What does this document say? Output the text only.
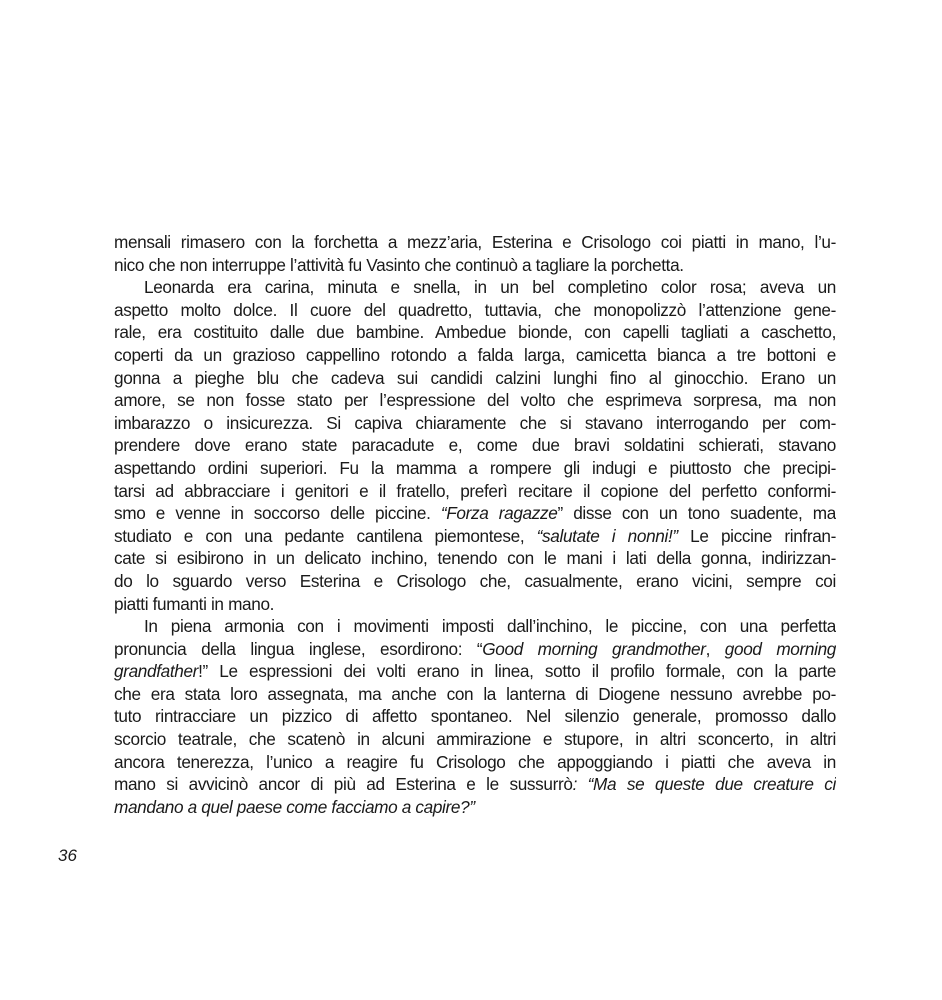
mensali rimasero con la forchetta a mezz’aria, Esterina e Crisologo coi piatti in mano, l’u-
nico che non interruppe l’attività fu Vasinto che continuò a tagliare la porchetta.
Leonarda era carina, minuta e snella, in un bel completino color rosa; aveva un
aspetto molto dolce. Il cuore del quadretto, tuttavia, che monopolizzò l’attenzione gene-
rale, era costituito dalle due bambine. Ambedue bionde, con capelli tagliati a caschetto,
coperti da un grazioso cappellino rotondo a falda larga, camicetta bianca a tre bottoni e
gonna a pieghe blu che cadeva sui candidi calzini lunghi fino al ginocchio. Erano un
amore, se non fosse stato per l’espressione del volto che esprimeva sorpresa, ma non
imbarazzo o insicurezza. Si capiva chiaramente che si stavano interrogando per com-
prendere dove erano state paracadute e, come due bravi soldatini schierati, stavano
aspettando ordini superiori. Fu la mamma a rompere gli indugi e piuttosto che precipi-
tarsi ad abbracciare i genitori e il fratello, preferì recitare il copione del perfetto conformi-
smo e venne in soccorso delle piccine. “Forza ragazze” disse con un tono suadente, ma
studiato e con una pedante cantilena piemontese, “salutate i nonni!” Le piccine rinfran-
cate si esibirono in un delicato inchino, tenendo con le mani i lati della gonna, indirizzan-
do lo sguardo verso Esterina e Crisologo che, casualmente, erano vicini, sempre coi
piatti fumanti in mano.
In piena armonia con i movimenti imposti dall’inchino, le piccine, con una perfetta
pronuncia della lingua inglese, esordirono: “Good morning grandmother, good morning
grandfather!” Le espressioni dei volti erano in linea, sotto il profilo formale, con la parte
che era stata loro assegnata, ma anche con la lanterna di Diogene nessuno avrebbe po-
tuto rintracciare un pizzico di affetto spontaneo. Nel silenzio generale, promosso dallo
scorcio teatrale, che scatenò in alcuni ammirazione e stupore, in altri sconcerto, in altri
ancora tenerezza, l’unico a reagire fu Crisologo che appoggiando i piatti che aveva in
mano si avvicinò ancor di più ad Esterina e le sussurrò: “Ma se queste due creature ci
mandano a quel paese come facciamo a capire?”
36
